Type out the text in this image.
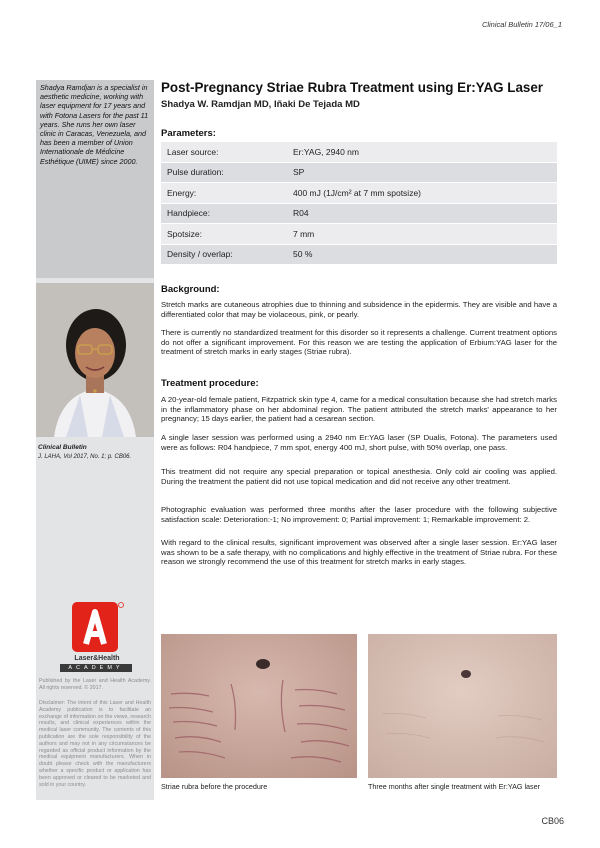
Clinical Bulletin 17/06_1
Shadya Ramdjan is a specialist in aesthetic medicine, working with laser equipment for 17 years and with Fotona Lasers for the past 11 years. She runs her own laser clinic in Caracas, Venezuela, and has been a member of Union Internationale de Médicine Esthétique (UIME) since 2000.
Clinical Bulletin
J. LAHA, Vol 2017, No. 1; p. CB06.
Laser&Health
ACADEMY
Published by the Laser and Health Academy. All rights reserved. © 2017.
Disclaimer: The intent of this Laser and Health Academy publication is to facilitate an exchange of information on the views, research results, and clinical experiences within the medical laser community. The contents of this publication are the sole responsibility of the authors and may not in any circumstances be regarded as official product information by the medical equipment manufacturers. When in doubt please check with the manufacturers whether a specific product or application has been approved or cleared to be marketed and sold in your country.
Post-Pregnancy Striae Rubra Treatment using Er:YAG Laser
Shadya W. Ramdjan MD, Iñaki De Tejada MD
Parameters:
Laser source:	Er:YAG, 2940 nm
Pulse duration:	SP
Energy:	400 mJ (1J/cm² at 7 mm spotsize)
Handpiece:	R04
Spotsize:	7 mm
Density / overlap:	50 %
Background:
Stretch marks are cutaneous atrophies due to thinning and subsidence in the epidermis. They are visible and have a differentiated color that may be violaceous, pink, or pearly.
There is currently no standardized treatment for this disorder so it represents a challenge. Current treatment options do not offer a significant improvement. For this reason we are testing the application of Erbium:YAG laser for the treatment of stretch marks in early stages (Striae rubra).
Treatment procedure:
A 20-year-old female patient, Fitzpatrick skin type 4, came for a medical consultation because she had stretch marks in the inflammatory phase on her abdominal region. The patient attributed the stretch marks' appearance to her pregnancy; 15 days earlier, the patient had a cesarean section.
A single laser session was performed using a 2940 nm Er:YAG laser (SP Dualis, Fotona). The parameters used were as follows: R04 handpiece, 7 mm spot, energy 400 mJ, short pulse, with 50% overlap, one pass.
This treatment did not require any special preparation or topical anesthesia. Only cold air cooling was applied. During the treatment the patient did not use topical medication and did not receive any other treatment.
Photographic evaluation was performed three months after the laser procedure with the following subjective satisfaction scale: Deterioration:-1; No improvement: 0; Partial improvement: 1; Remarkable improvement: 2.
With regard to the clinical results, significant improvement was observed after a single laser session. Er:YAG laser was shown to be a safe therapy, with no complications and highly effective in the treatment of Striae rubra. For these reason we strongly recommend the use of this treatment for stretch marks in early stages.
Striae rubra before the procedure	Three months after single treatment with Er:YAG laser
CB06
